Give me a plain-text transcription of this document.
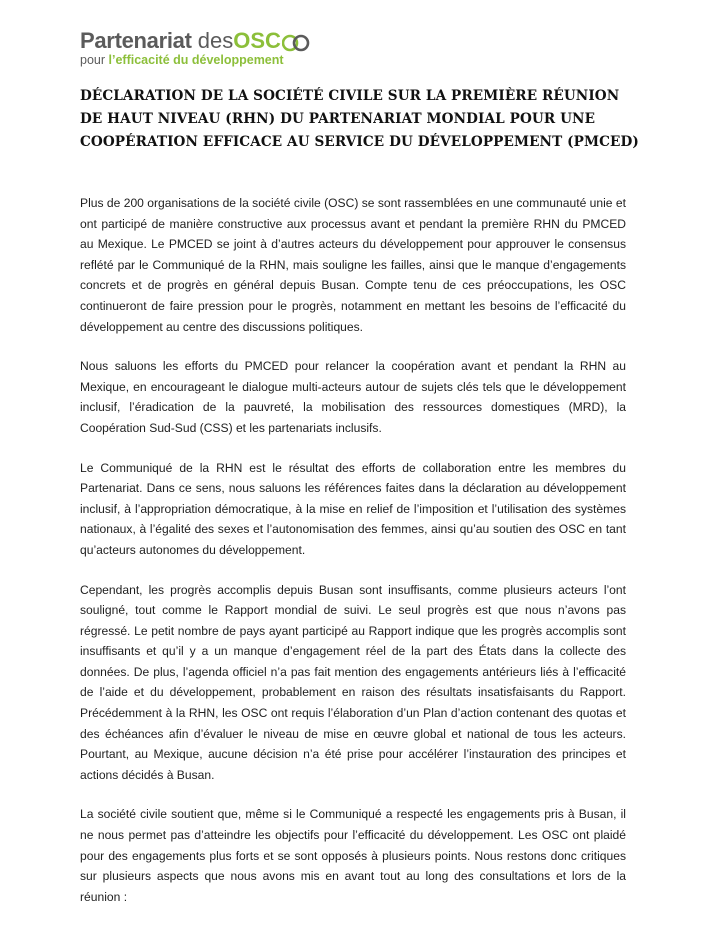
Partenariat desOSC
pour l’efficacité du développement
DÉCLARATION DE LA SOCIÉTÉ CIVILE SUR LA PREMIÈRE RÉUNION
DE HAUT NIVEAU (RHN) DU PARTENARIAT MONDIAL POUR UNE
COOPÉRATION EFFICACE AU SERVICE DU DÉVELOPPEMENT (PMCED)

Plus de 200 organisations de la société civile (OSC) se sont rassemblées en une communauté unie et ont participé de manière constructive aux processus avant et pendant la première RHN du PMCED au Mexique. Le PMCED se joint à d’autres acteurs du développement pour approuver le consensus reflété par le Communiqué de la RHN, mais souligne les failles, ainsi que le manque d’engagements concrets et de progrès en général depuis Busan. Compte tenu de ces préoccupations, les OSC continueront de faire pression pour le progrès, notamment en mettant les besoins de l’efficacité du développement au centre des discussions politiques.

Nous saluons les efforts du PMCED pour relancer la coopération avant et pendant la RHN au Mexique, en encourageant le dialogue multi-acteurs autour de sujets clés tels que le développement inclusif, l’éradication de la pauvreté, la mobilisation des ressources domestiques (MRD), la Coopération Sud-Sud (CSS) et les partenariats inclusifs.

Le Communiqué de la RHN est le résultat des efforts de collaboration entre les membres du Partenariat. Dans ce sens, nous saluons les références faites dans la déclaration au développement inclusif, à l’appropriation démocratique, à la mise en relief de l’imposition et l’utilisation des systèmes nationaux, à l’égalité des sexes et l’autonomisation des femmes, ainsi qu’au soutien des OSC en tant qu’acteurs autonomes du développement.

Cependant, les progrès accomplis depuis Busan sont insuffisants, comme plusieurs acteurs l’ont souligné, tout comme le Rapport mondial de suivi. Le seul progrès est que nous n’avons pas régressé. Le petit nombre de pays ayant participé au Rapport indique que les progrès accomplis sont insuffisants et qu’il y a un manque d’engagement réel de la part des États dans la collecte des données. De plus, l’agenda officiel n’a pas fait mention des engagements antérieurs liés à l’efficacité de l’aide et du développement, probablement en raison des résultats insatisfaisants du Rapport. Précédemment à la RHN, les OSC ont requis l’élaboration d’un Plan d’action contenant des quotas et des échéances afin d’évaluer le niveau de mise en œuvre global et national de tous les acteurs. Pourtant, au Mexique, aucune décision n’a été prise pour accélérer l’instauration des principes et actions décidés à Busan.

La société civile soutient que, même si le Communiqué a respecté les engagements pris à Busan, il ne nous permet pas d’atteindre les objectifs pour l’efficacité du développement. Les OSC ont plaidé pour des engagements plus forts et se sont opposés à plusieurs points. Nous restons donc critiques sur plusieurs aspects que nous avons mis en avant tout au long des consultations et lors de la réunion :
